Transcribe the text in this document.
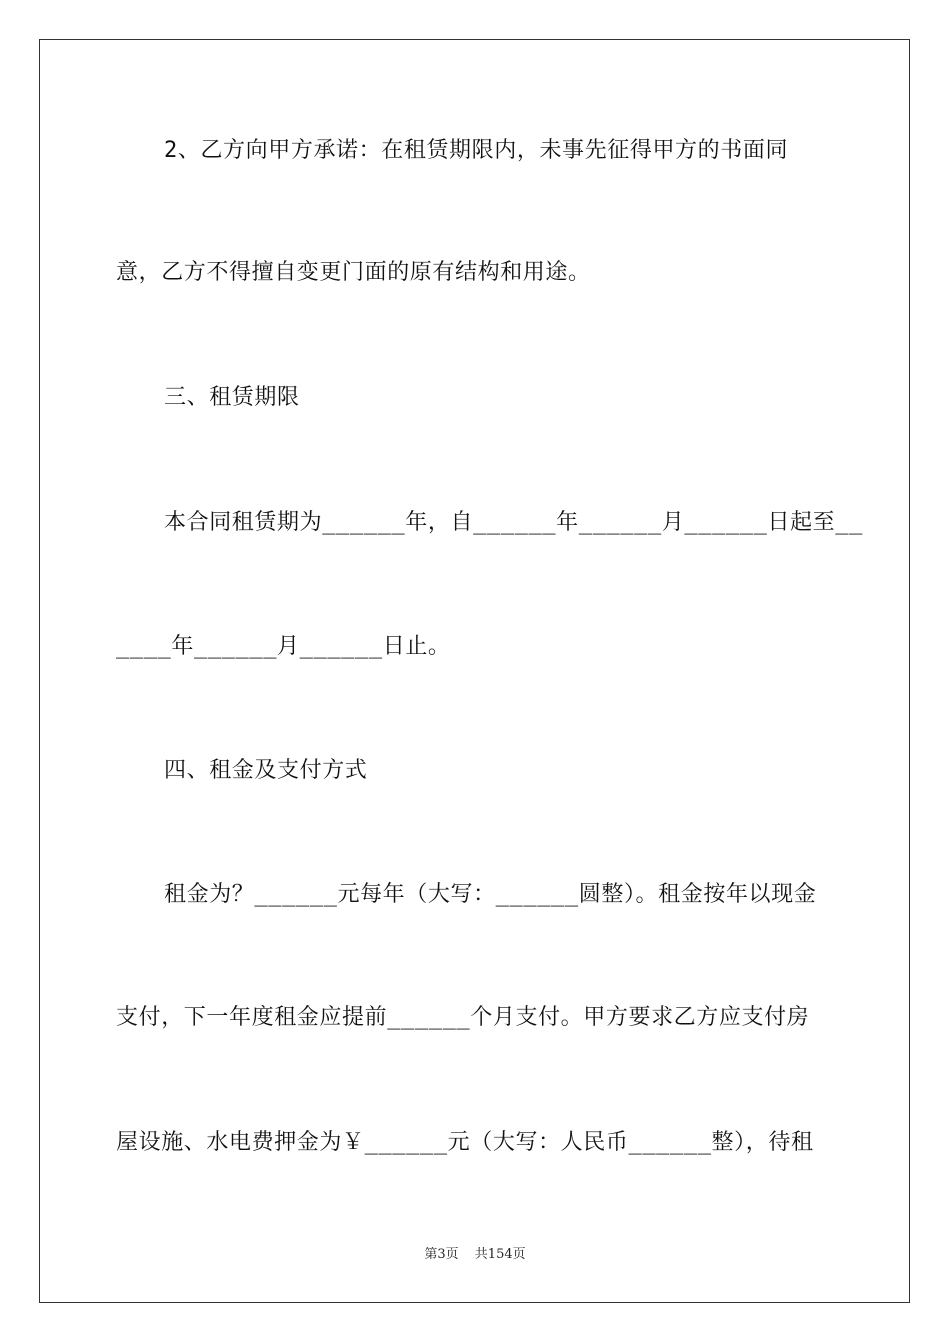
2、乙方向甲方承诺：在租赁期限内，未事先征得甲方的书面同
意，乙方不得擅自变更门面的原有结构和用途。
三、租赁期限
本合同租赁期为______年，自______年______月______日起至__
____年______月______日止。
四、租金及支付方式
租金为？______元每年（大写：______圆整）。租金按年以现金
支付，下一年度租金应提前______个月支付。甲方要求乙方应支付房
屋设施、水电费押金为￥______元（大写：人民币______整），待租
第3页 共154页
